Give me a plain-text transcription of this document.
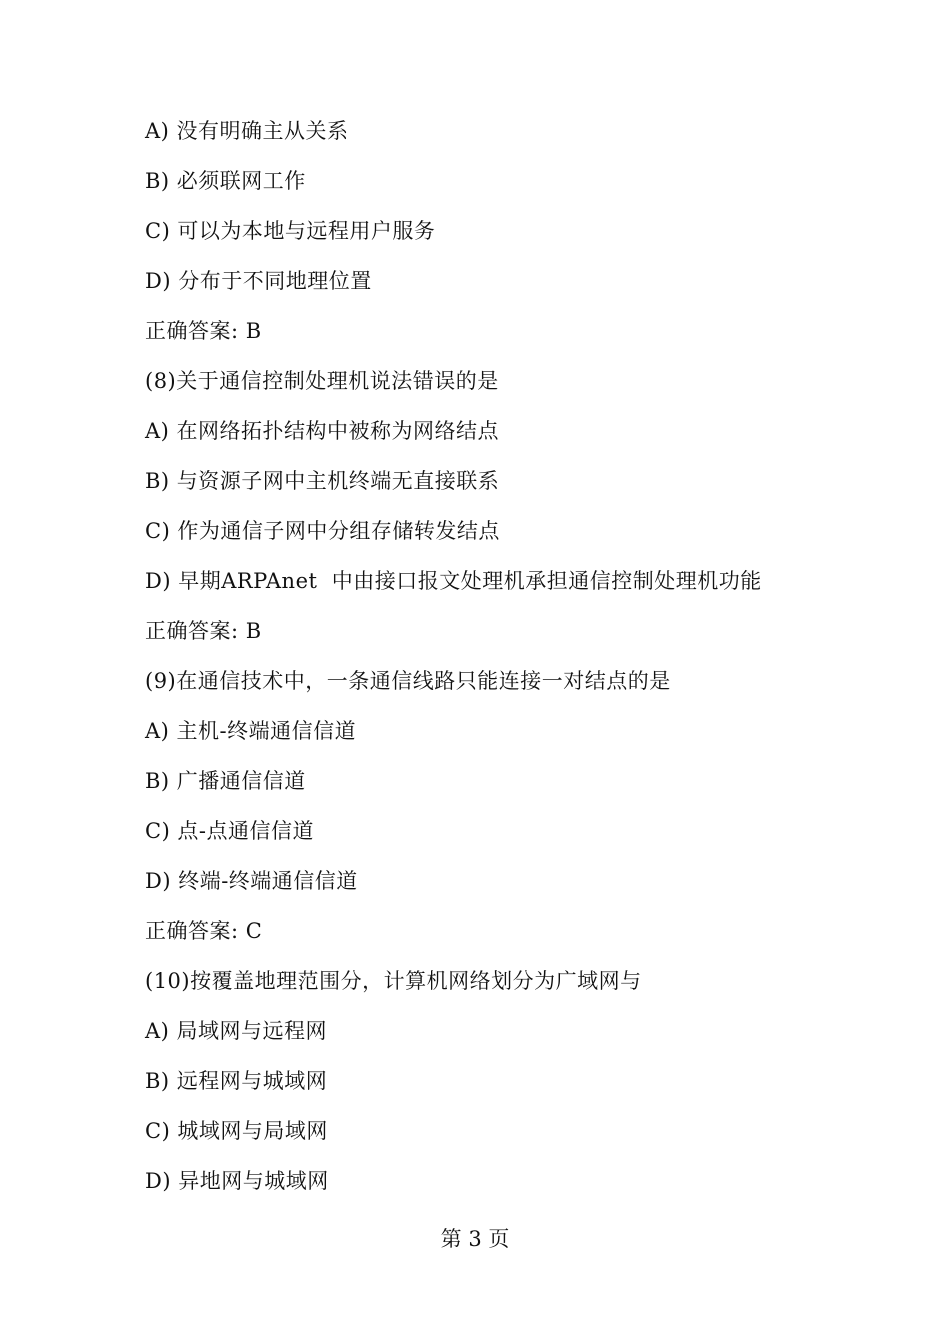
A) 没有明确主从关系
B) 必须联网工作
C) 可以为本地与远程用户服务
D) 分布于不同地理位置
正确答案: B
(8)关于通信控制处理机说法错误的是
A) 在网络拓扑结构中被称为网络结点
B) 与资源子网中主机终端无直接联系
C) 作为通信子网中分组存储转发结点
D) 早期ARPAnet  中由接口报文处理机承担通信控制处理机功能
正确答案: B
(9)在通信技术中，一条通信线路只能连接一对结点的是
A) 主机-终端通信信道
B) 广播通信信道
C) 点-点通信信道
D) 终端-终端通信信道
正确答案: C
(10)按覆盖地理范围分，计算机网络划分为广域网与
A) 局域网与远程网
B) 远程网与城域网
C) 城域网与局域网
D) 异地网与城域网
第 3 页
